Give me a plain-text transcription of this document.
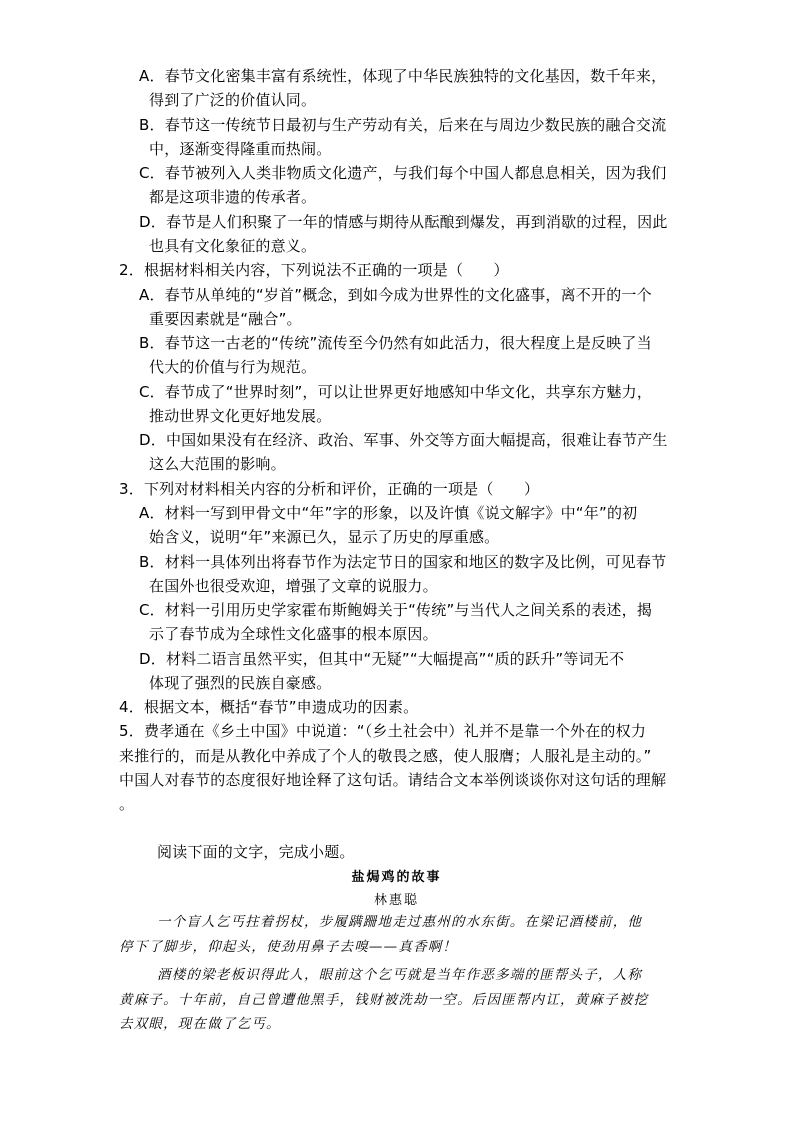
A．春节文化密集丰富有系统性，体现了中华民族独特的文化基因，数千年来，
得到了广泛的价值认同。
B．春节这一传统节日最初与生产劳动有关，后来在与周边少数民族的融合交流
中，逐渐变得隆重而热闹。
C．春节被列入人类非物质文化遗产，与我们每个中国人都息息相关，因为我们
都是这项非遗的传承者。
D．春节是人们积聚了一年的情感与期待从酝酿到爆发，再到消歇的过程，因此
也具有文化象征的意义。
2．根据材料相关内容，下列说法不正确的一项是（　　）
A．春节从单纯的“岁首”概念，到如今成为世界性的文化盛事，离不开的一个
重要因素就是“融合”。
B．春节这一古老的“传统”流传至今仍然有如此活力，很大程度上是反映了当
代大的价值与行为规范。
C．春节成了“世界时刻”，可以让世界更好地感知中华文化，共享东方魅力，
推动世界文化更好地发展。
D．中国如果没有在经济、政治、军事、外交等方面大幅提高，很难让春节产生
这么大范围的影响。
3．下列对材料相关内容的分析和评价，正确的一项是（　　）
A．材料一写到甲骨文中“年”字的形象，以及许慎《说文解字》中“年”的初
始含义，说明“年”来源已久，显示了历史的厚重感。
B．材料一具体列出将春节作为法定节日的国家和地区的数字及比例，可见春节
在国外也很受欢迎，增强了文章的说服力。
C．材料一引用历史学家霍布斯鲍姆关于“传统”与当代人之间关系的表述，揭
示了春节成为全球性文化盛事的根本原因。
D．材料二语言虽然平实，但其中“无疑”“大幅提高”“质的跃升”等词无不
体现了强烈的民族自豪感。
4．根据文本，概括“春节”申遗成功的因素。
5．费孝通在《乡土中国》中说道：“（乡土社会中）礼并不是靠一个外在的权力
来推行的，而是从教化中养成了个人的敬畏之感，使人服膺；人服礼是主动的。”
中国人对春节的态度很好地诠释了这句话。请结合文本举例谈谈你对这句话的理解
。
阅读下面的文字，完成小题。
盐焗鸡的故事
林惠聪
一个盲人乞丐拄着拐杖，步履蹒跚地走过惠州的水东街。在梁记酒楼前，他
停下了脚步，仰起头，使劲用鼻子去嗅——真香啊！
酒楼的梁老板识得此人，眼前这个乞丐就是当年作恶多端的匪帮头子，人称
黄麻子。十年前，自己曾遭他黑手，钱财被洗劫一空。后因匪帮内讧，黄麻子被挖
去双眼，现在做了乞丐。
